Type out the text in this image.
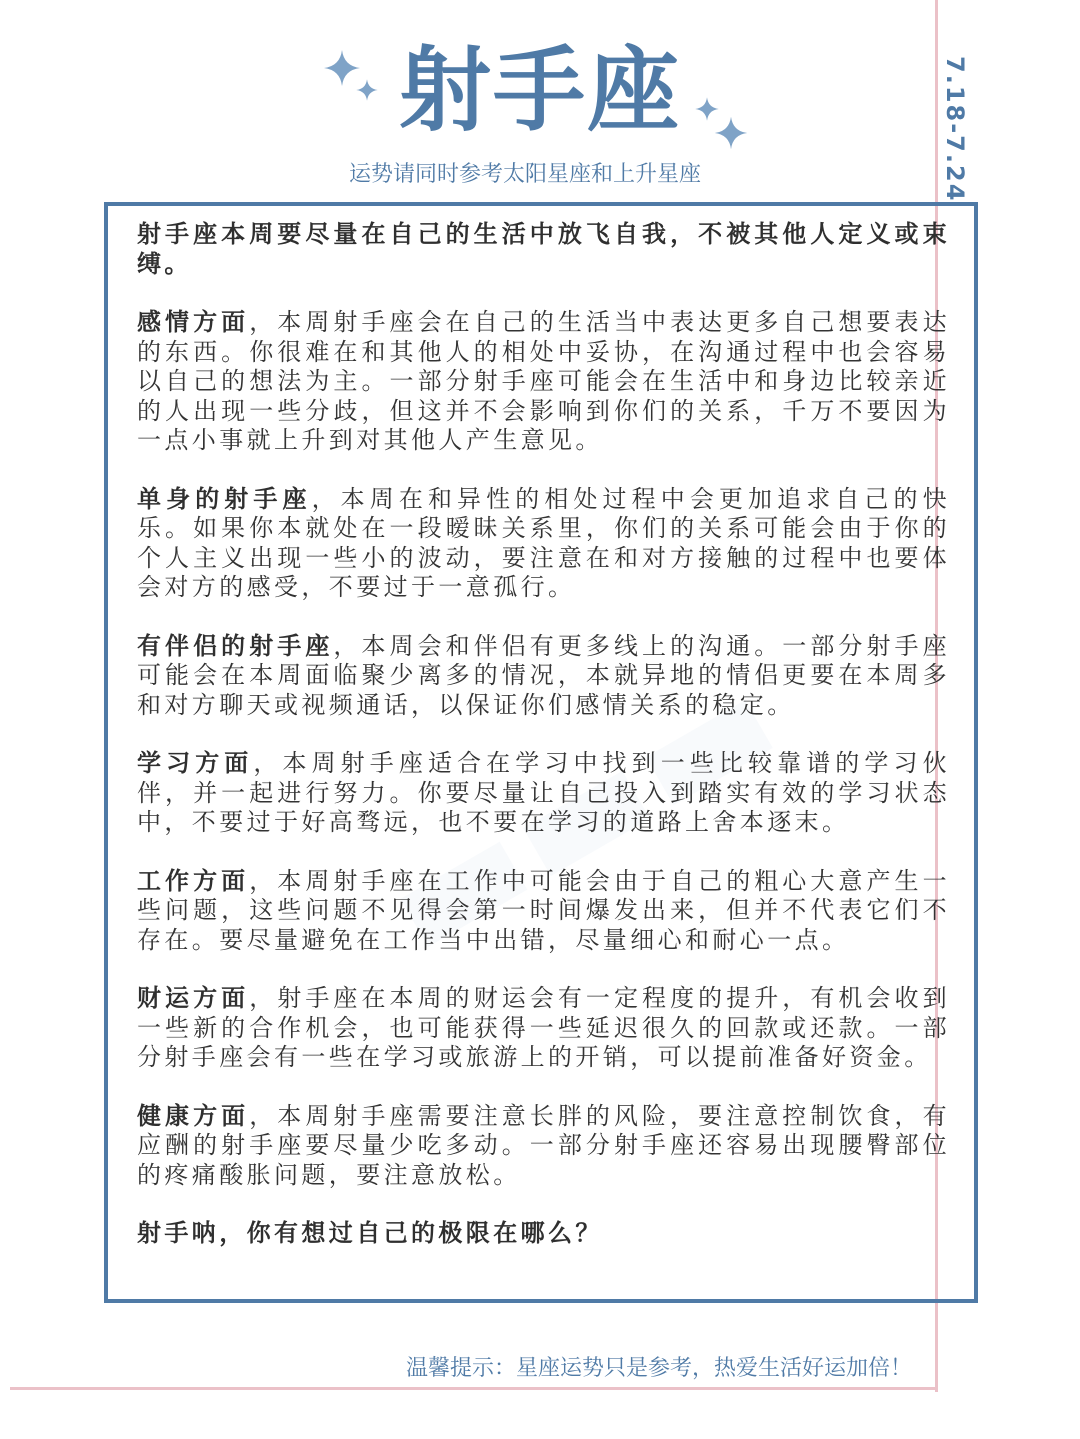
射手座
运势请同时参考太阳星座和上升星座	7.18-7.24

射手座本周要尽量在自己的生活中放飞自我，不被其他人定义或束缚。

感情方面，本周射手座会在自己的生活当中表达更多自己想要表达的东西。你很难在和其他人的相处中妥协，在沟通过程中也会容易以自己的想法为主。一部分射手座可能会在生活中和身边比较亲近的人出现一些分歧，但这并不会影响到你们的关系，千万不要因为一点小事就上升到对其他人产生意见。

单身的射手座，本周在和异性的相处过程中会更加追求自己的快乐。如果你本就处在一段暧昧关系里，你们的关系可能会由于你的个人主义出现一些小的波动，要注意在和对方接触的过程中也要体会对方的感受，不要过于一意孤行。

有伴侣的射手座，本周会和伴侣有更多线上的沟通。一部分射手座可能会在本周面临聚少离多的情况，本就异地的情侣更要在本周多和对方聊天或视频通话，以保证你们感情关系的稳定。

学习方面，本周射手座适合在学习中找到一些比较靠谱的学习伙伴，并一起进行努力。你要尽量让自己投入到踏实有效的学习状态中，不要过于好高骛远，也不要在学习的道路上舍本逐末。

工作方面，本周射手座在工作中可能会由于自己的粗心大意产生一些问题，这些问题不见得会第一时间爆发出来，但并不代表它们不存在。要尽量避免在工作当中出错，尽量细心和耐心一点。

财运方面，射手座在本周的财运会有一定程度的提升，有机会收到一些新的合作机会，也可能获得一些延迟很久的回款或还款。一部分射手座会有一些在学习或旅游上的开销，可以提前准备好资金。

健康方面，本周射手座需要注意长胖的风险，要注意控制饮食，有应酬的射手座要尽量少吃多动。一部分射手座还容易出现腰臀部位的疼痛酸胀问题，要注意放松。

射手呐，你有想过自己的极限在哪么？

温馨提示：星座运势只是参考，热爱生活好运加倍！
